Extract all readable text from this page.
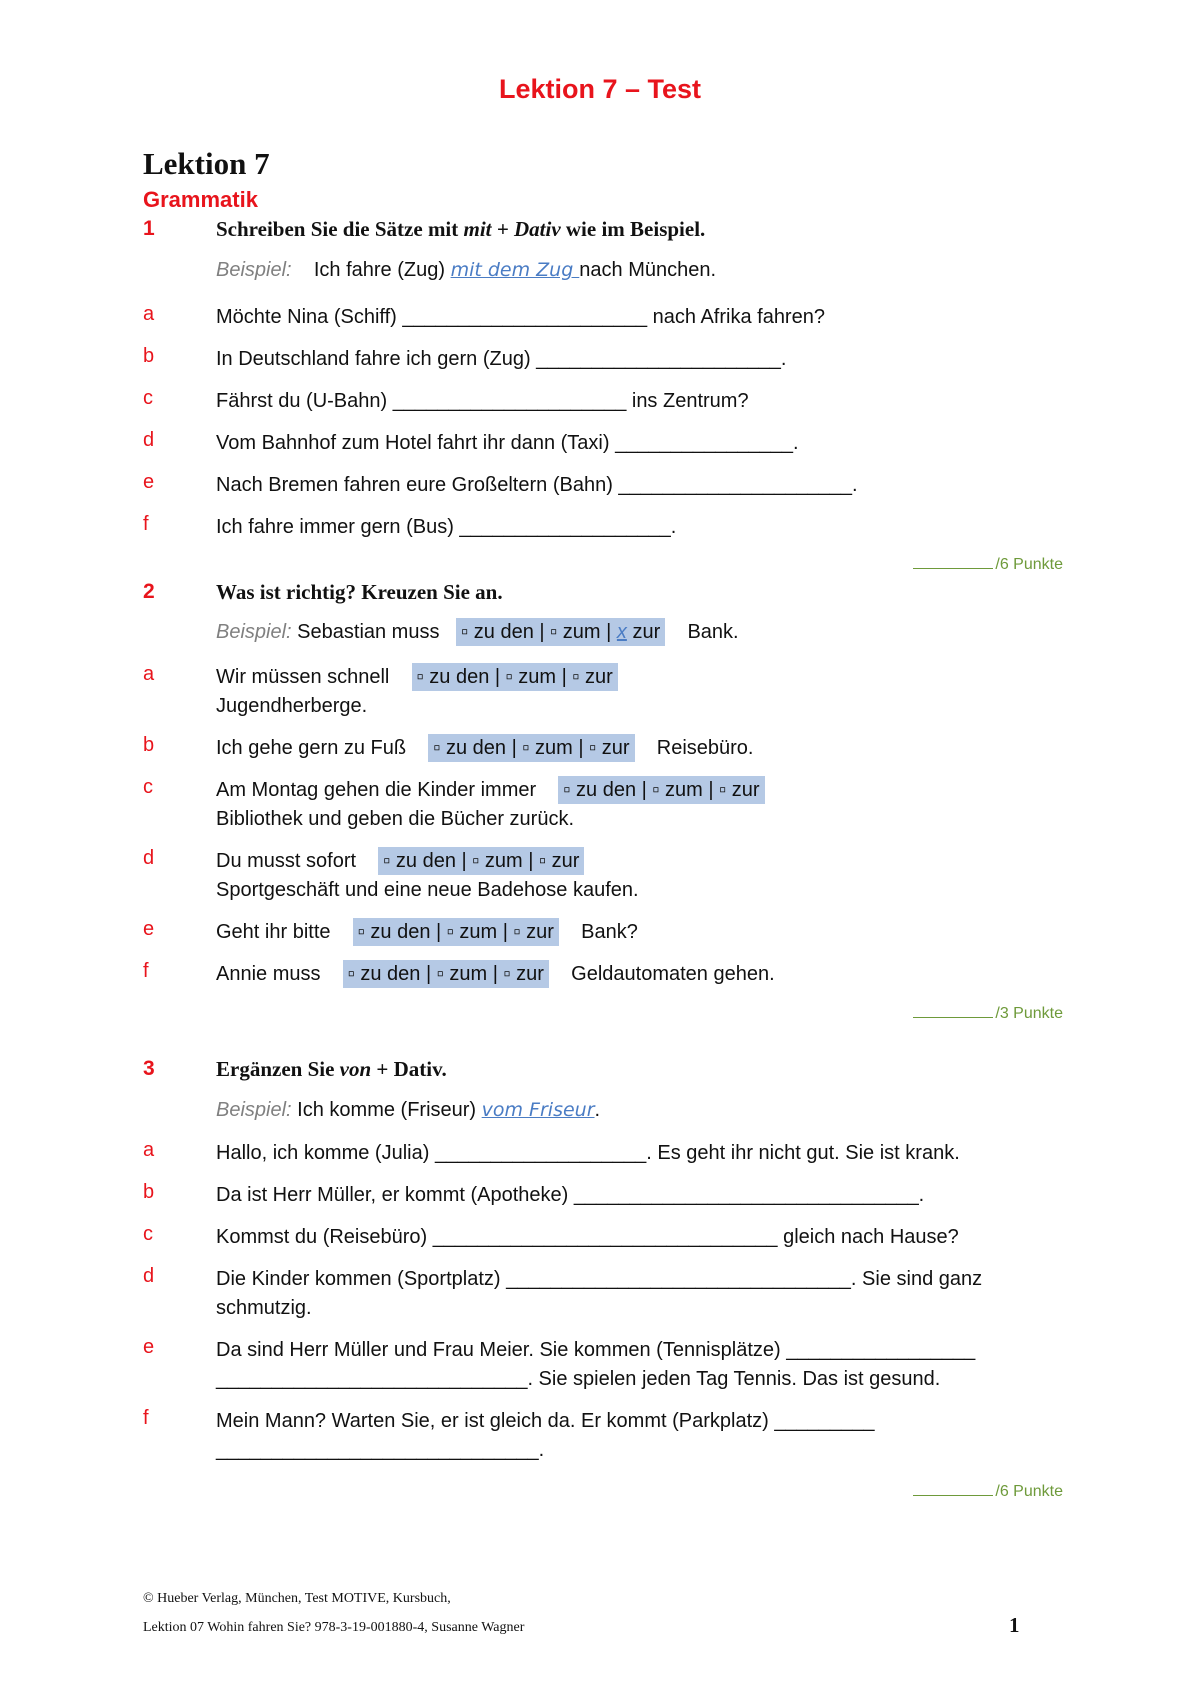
Lektion 7 – Test
Lektion 7
Grammatik
1	Schreiben Sie die Sätze mit mit + Dativ wie im Beispiel.
Beispiel: Ich fahre (Zug) mit dem Zug nach München.
a	Möchte Nina (Schiff) ______________________ nach Afrika fahren?
b	In Deutschland fahre ich gern (Zug) ______________________.
c	Fährst du (U-Bahn) _____________________ ins Zentrum?
d	Vom Bahnhof zum Hotel fahrt ihr dann (Taxi) ________________.
e	Nach Bremen fahren eure Großeltern (Bahn) _____________________.
f	Ich fahre immer gern (Bus) ___________________.
/6 Punkte
2	Was ist richtig? Kreuzen Sie an.
Beispiel: Sebastian muss ▫ zu den | ▫ zum | x zur Bank.
a	Wir müssen schnell ▫ zu den | ▫ zum | ▫ zur
Jugendherberge.
b	Ich gehe gern zu Fuß ▫ zu den | ▫ zum | ▫ zur Reisebüro.
c	Am Montag gehen die Kinder immer ▫ zu den | ▫ zum | ▫ zur
Bibliothek und geben die Bücher zurück.
d	Du musst sofort ▫ zu den | ▫ zum | ▫ zur
Sportgeschäft und eine neue Badehose kaufen.
e	Geht ihr bitte ▫ zu den | ▫ zum | ▫ zur Bank?
f	Annie muss ▫ zu den | ▫ zum | ▫ zur Geldautomaten gehen.
/3 Punkte
3	Ergänzen Sie von + Dativ.
Beispiel: Ich komme (Friseur) vom Friseur.
a	Hallo, ich komme (Julia) ___________________. Es geht ihr nicht gut. Sie ist krank.
b	Da ist Herr Müller, er kommt (Apotheke) _______________________________.
c	Kommst du (Reisebüro) _______________________________ gleich nach Hause?
d	Die Kinder kommen (Sportplatz) _______________________________. Sie sind ganz
schmutzig.
e	Da sind Herr Müller und Frau Meier. Sie kommen (Tennisplätze) _________________
____________________________. Sie spielen jeden Tag Tennis. Das ist gesund.
f	Mein Mann? Warten Sie, er ist gleich da. Er kommt (Parkplatz) _________
_____________________________.
/6 Punkte
© Hueber Verlag, München, Test MOTIVE, Kursbuch,
Lektion 07 Wohin fahren Sie? 978-3-19-001880-4, Susanne Wagner	1
